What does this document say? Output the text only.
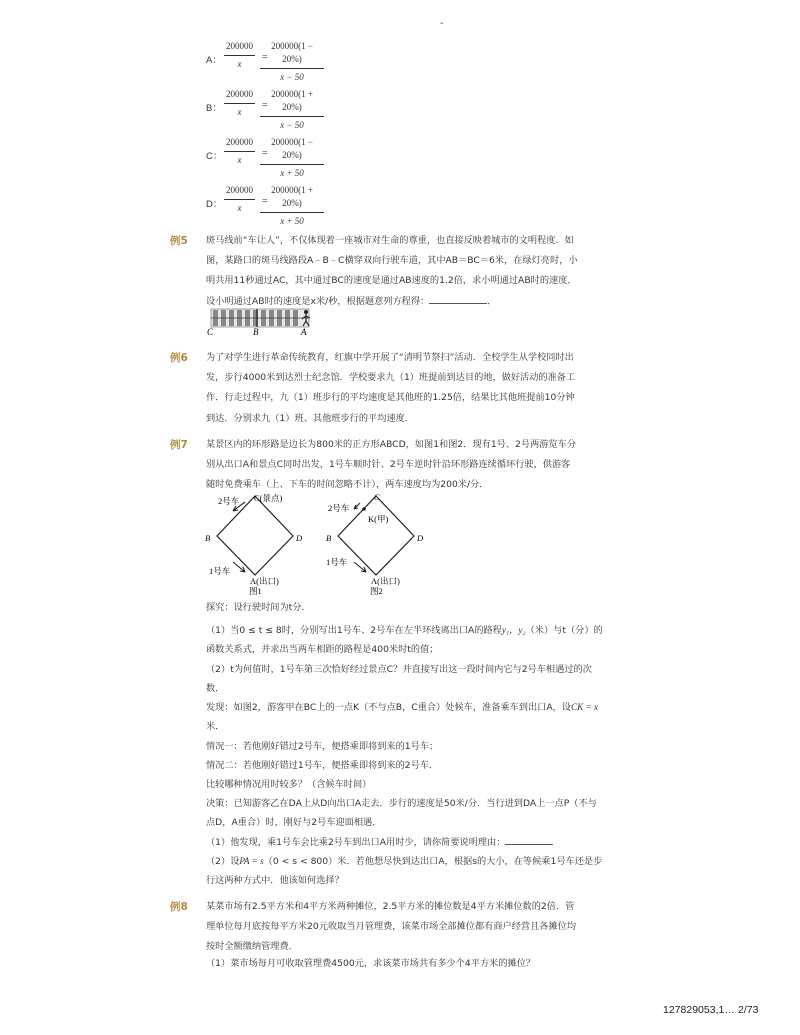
-
A：
200000
x
=
200000(1 − 20%)
x − 50
B：
200000
x
=
200000(1 + 20%)
x − 50
C：
200000
x
=
200000(1 − 20%)
x + 50
D：
200000
x
=
200000(1 + 20%)
x + 50
例5 斑马线前“车让人”，不仅体现着一座城市对生命的尊重，也直接反映着城市的文明程度．如图，某路口的斑马线路段A﹣B﹣C横穿双向行驶车道，其中AB＝BC＝6米，在绿灯亮时，小明共用11秒通过AC，其中通过BC的速度是通过AB速度的1.2倍，求小明通过AB时的速度．设小明通过AB时的速度是x米/秒，根据题意列方程得：	．
C	B	A
例6 为了对学生进行革命传统教育，红旗中学开展了“清明节祭扫”活动．全校学生从学校同时出发，步行4000米到达烈士纪念馆．学校要求九（1）班提前到达目的地，做好活动的准备工作．行走过程中，九（1）班步行的平均速度是其他班的1.25倍，结果比其他班提前10分钟到达．分别求九（1）班、其他班步行的平均速度．
例7 某景区内的环形路是边长为800米的正方形ABCD，如图1和图2．现有1号、2号两游览车分别从出口A和景点C同时出发，1号车顺时针、2号车逆时针沿环形路连续循环行驶，供游客随时免费乘车（上、下车的时间忽略不计），两车速度均为200米/分．
2号车 C(景点)
B	D
1号车
A(出口)
图1
2号车
C
K(甲)
B	D
1号车
A(出口)
图2
探究：设行驶时间为t分．
（1）当0 ≤ t ≤ 8时，分别写出1号车、2号车在左半环线离出口A的路程y₁，y₂（米）与t（分）的
函数关系式，并求出当两车相距的路程是400米时t的值；
（2）t为何值时，1号车第三次恰好经过景点C？并直接写出这一段时间内它与2号车相遇过的次
数．
发现：如图2，游客甲在BC上的一点K（不与点B，C重合）处候车，准备乘车到出口A，设CK = x
米．
情况一：若他刚好错过2号车，便搭乘即将到来的1号车；
情况二：若他刚好错过1号车，便搭乘即将到来的2号车．
比较哪种情况用时较多？（含候车时间）
决策：已知游客乙在DA上从D向出口A走去．步行的速度是50米/分．当行进到DA上一点P（不与
点D，A重合）时，刚好与2号车迎面相遇．
（1）他发现，乘1号车会比乘2号车到出口A用时少，请你简要说明理由：
（2）设PA = s（0 < s < 800）米．若他想尽快到达出口A，根据s的大小，在等候乘1号车还是步
行这两种方式中．他该如何选择？
例8 某菜市场有2.5平方米和4平方米两种摊位，2.5平方米的摊位数是4平方米摊位数的2倍．管理单位每月底按每平方米20元收取当月管理费，该菜市场全部摊位都有商户经营且各摊位均按时全额缴纳管理费．
（1）菜市场每月可收取管理费4500元，求该菜市场共有多少个4平方米的摊位？
127829053,1… 2/73
